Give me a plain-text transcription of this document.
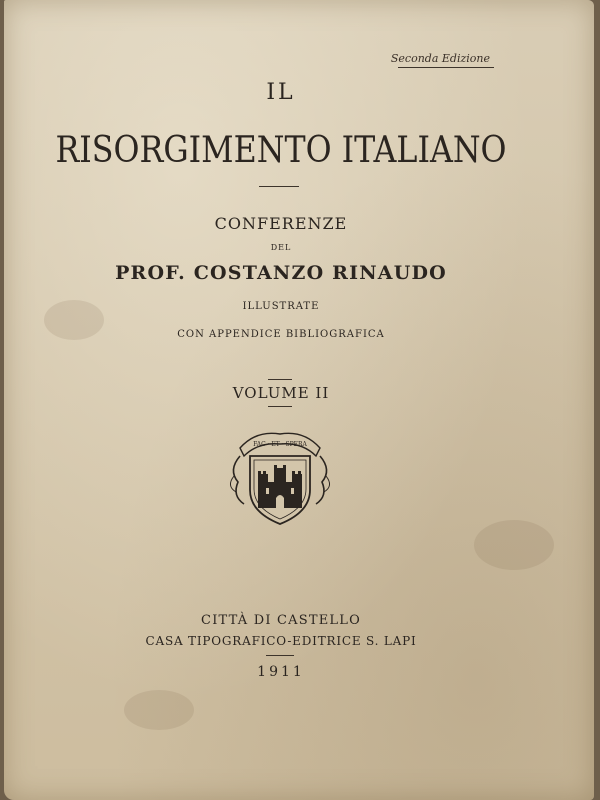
Seconda Edizione
IL
RISORGIMENTO ITALIANO
CONFERENZE
DEL
PROF. COSTANZO RINAUDO
ILLUSTRATE
CON APPENDICE BIBLIOGRAFICA
VOLUME II
FAC · ET · SPERA
CITTÀ DI CASTELLO
CASA TIPOGRAFICO-EDITRICE S. LAPI
1911
